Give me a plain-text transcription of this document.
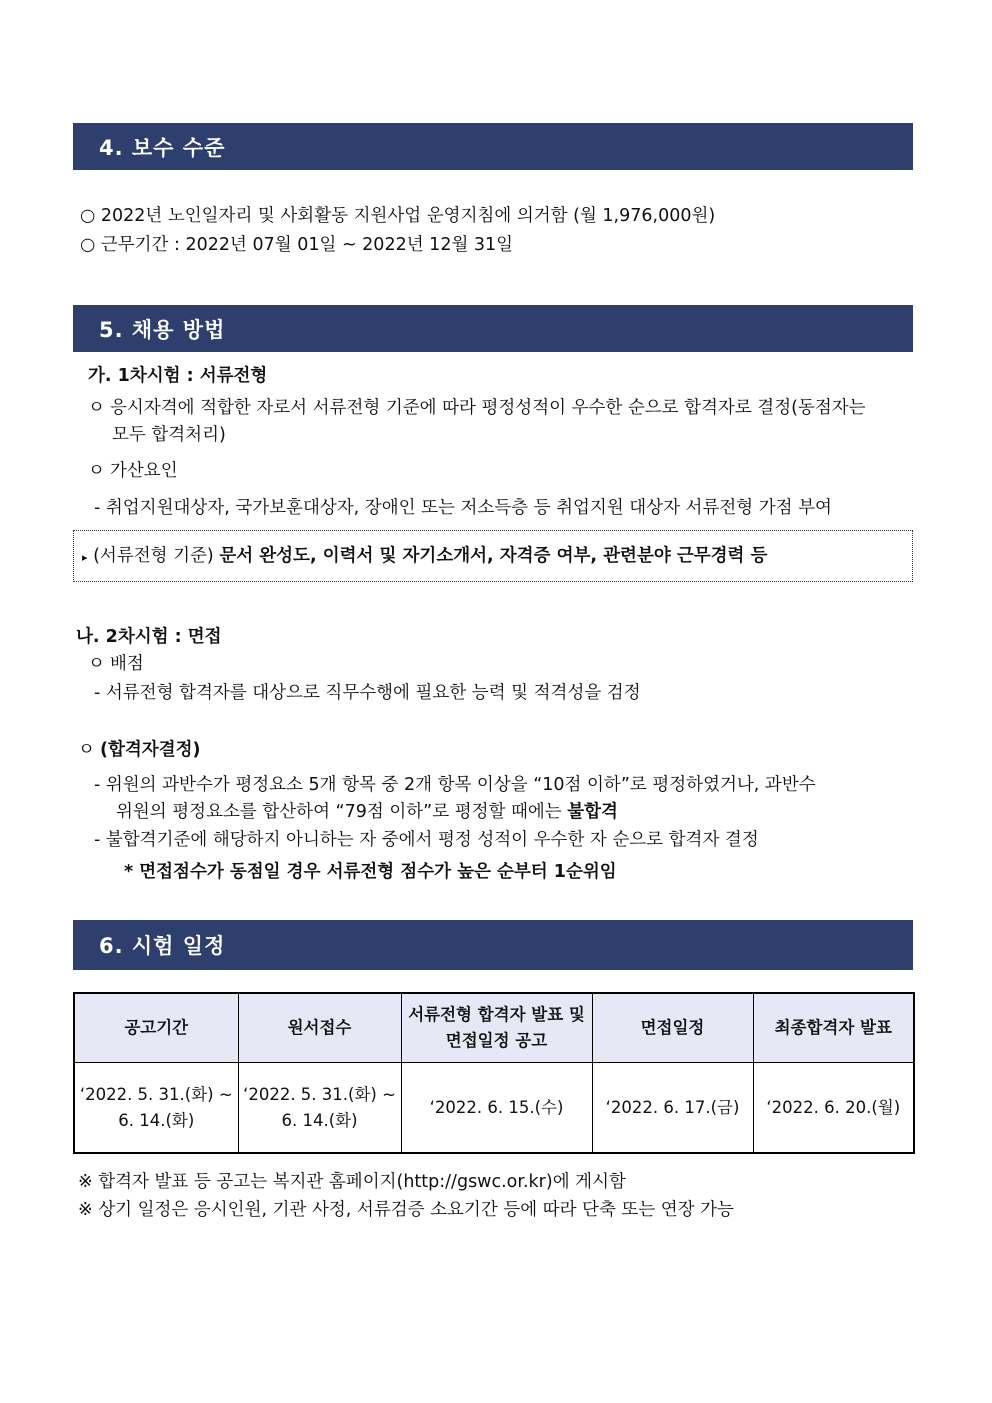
4. 보수 수준
○ 2022년 노인일자리 및 사회활동 지원사업 운영지침에 의거함 (월 1,976,000원)
○ 근무기간 : 2022년 07월 01일 ~ 2022년 12월 31일
5. 채용 방법
가. 1차시험 : 서류전형
ㅇ 응시자격에 적합한 자로서 서류전형 기준에 따라 평정성적이 우수한 순으로 합격자로 결정(동점자는
모두 합격처리)
ㅇ 가산요인
- 취업지원대상자, 국가보훈대상자, 장애인 또는 저소득층 등 취업지원 대상자 서류전형 가점 부여
▸ (서류전형 기준) 문서 완성도, 이력서 및 자기소개서, 자격증 여부, 관련분야 근무경력 등
나. 2차시험 : 면접
ㅇ 배점
- 서류전형 합격자를 대상으로 직무수행에 필요한 능력 및 적격성을 검정
ㅇ (합격자결정)
- 위원의 과반수가 평정요소 5개 항목 중 2개 항목 이상을 “10점 이하”로 평정하였거나, 과반수
위원의 평정요소를 합산하여 “79점 이하”로 평정할 때에는 불합격
- 불합격기준에 해당하지 아니하는 자 중에서 평정 성적이 우수한 자 순으로 합격자 결정
* 면접점수가 동점일 경우 서류전형 점수가 높은 순부터 1순위임
6. 시험 일정
공고기간	원서접수	서류전형 합격자 발표 및 면접일정 공고	면접일정	최종합격자 발표
‘2022. 5. 31.(화) ~ 6. 14.(화)	‘2022. 5. 31.(화) ~ 6. 14.(화)	‘2022. 6. 15.(수)	‘2022. 6. 17.(금)	‘2022. 6. 20.(월)
※ 합격자 발표 등 공고는 복지관 홈페이지(http://gswc.or.kr)에 게시함
※ 상기 일정은 응시인원, 기관 사정, 서류검증 소요기간 등에 따라 단축 또는 연장 가능
